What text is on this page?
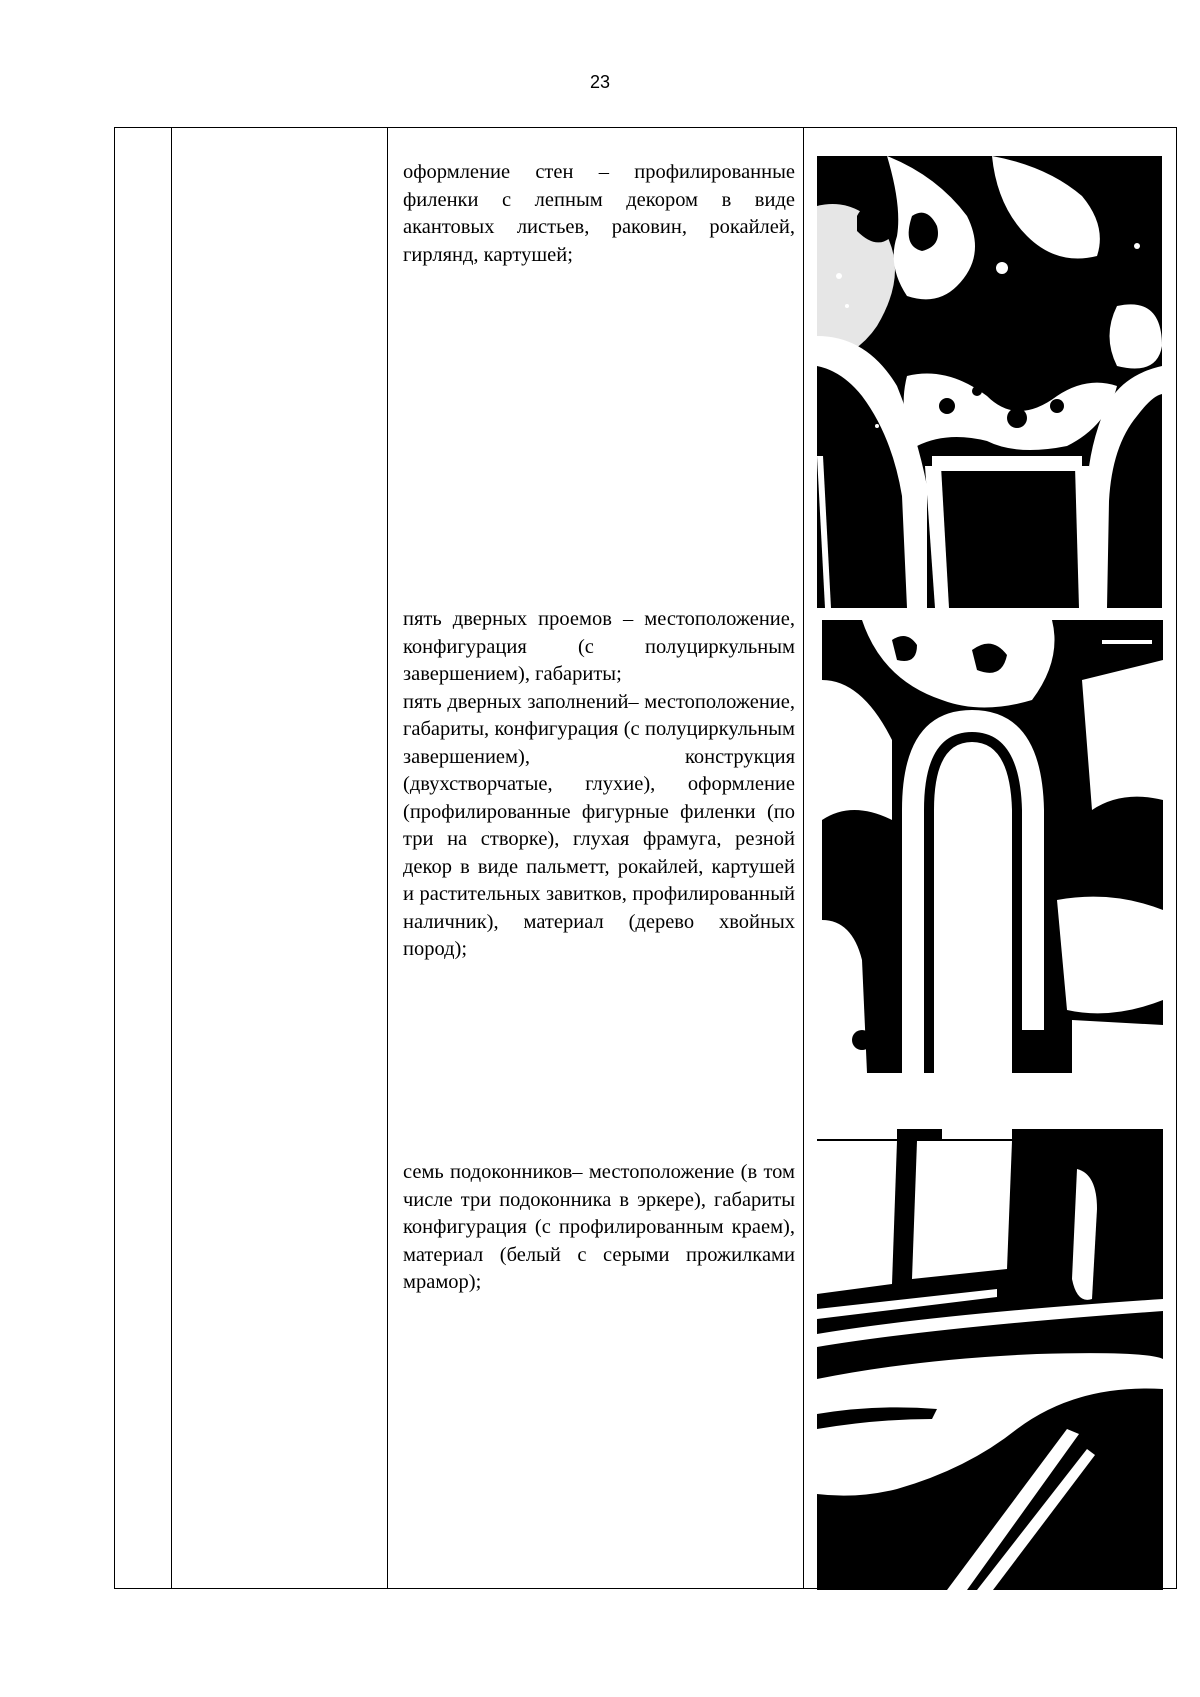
23

оформление стен – профилированные филенки с лепным декором в виде акантовых листьев, раковин, рокайлей, гирлянд, картушей;

пять дверных проемов – местоположение, конфигурация (с полуциркульным завершением), габариты;

пять дверных заполнений– местоположение, габариты, конфигурация (с полуциркульным завершением), конструкция (двухстворчатые, глухие), оформление (профилированные фигурные филенки (по три на створке), глухая фрамуга, резной декор в виде пальметт, рокайлей, картушей и растительных завитков, профилированный наличник), материал (дерево хвойных пород);

семь подоконников– местоположение (в том числе три подоконника в эркере), габариты конфигурация (с профилированным краем), материал (белый с серыми прожилками мрамор);
